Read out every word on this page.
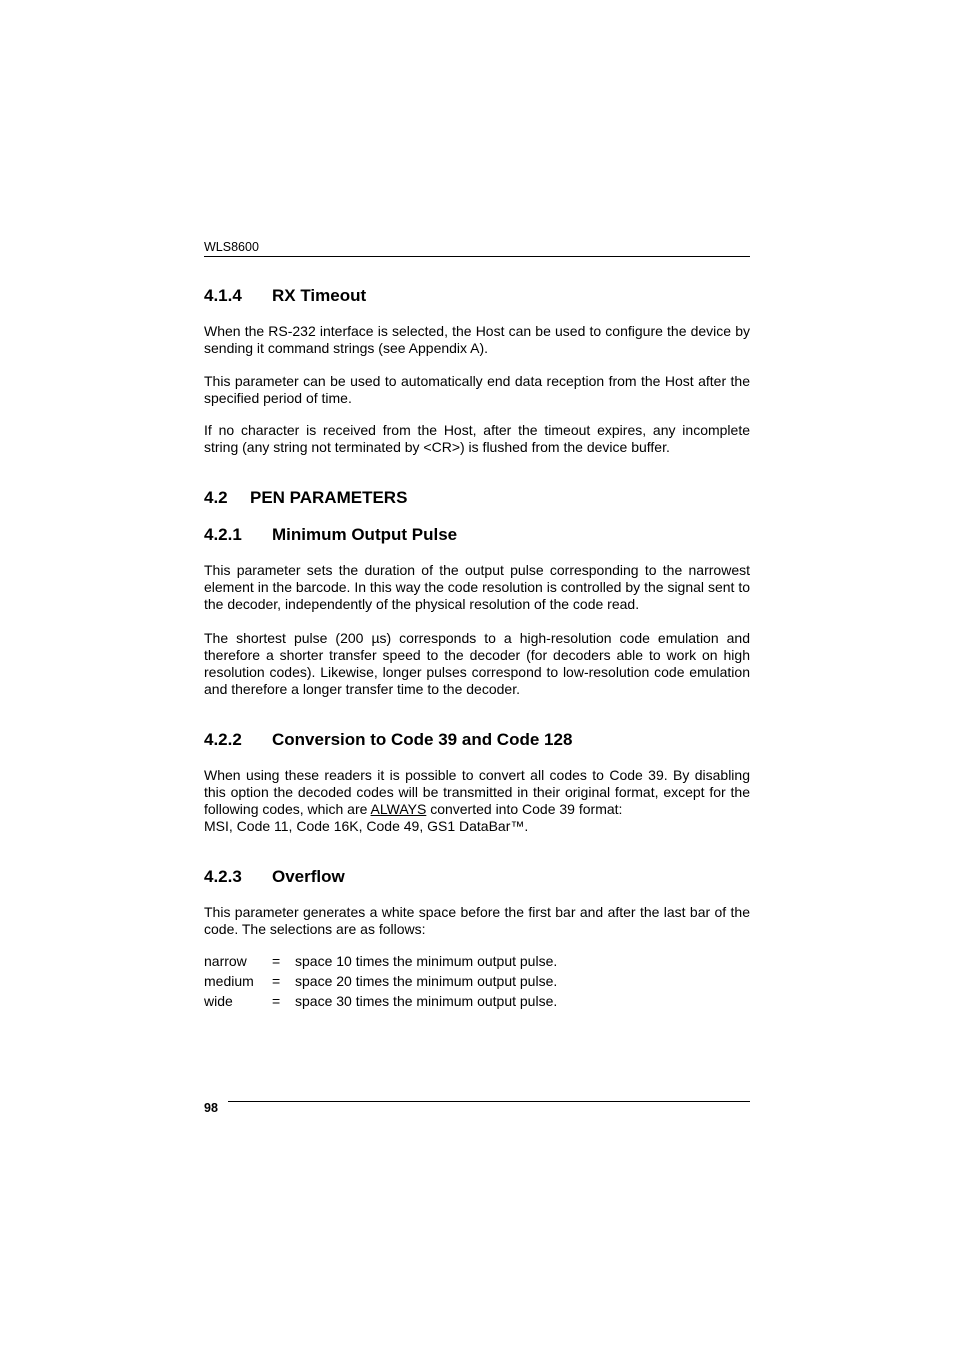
WLS8600
4.1.4 RX Timeout

When the RS-232 interface is selected, the Host can be used to configure the device by sending it command strings (see Appendix A).

This parameter can be used to automatically end data reception from the Host after the specified period of time.

If no character is received from the Host, after the timeout expires, any incomplete string (any string not terminated by <CR>) is flushed from the device buffer.

4.2 PEN PARAMETERS
4.2.1 Minimum Output Pulse

This parameter sets the duration of the output pulse corresponding to the narrowest element in the barcode. In this way the code resolution is controlled by the signal sent to the decoder, independently of the physical resolution of the code read.

The shortest pulse (200 µs) corresponds to a high-resolution code emulation and therefore a shorter transfer speed to the decoder (for decoders able to work on high resolution codes). Likewise, longer pulses correspond to low-resolution code emulation and therefore a longer transfer time to the decoder.

4.2.2 Conversion to Code 39 and Code 128

When using these readers it is possible to convert all codes to Code 39. By disabling this option the decoded codes will be transmitted in their original format, except for the following codes, which are ALWAYS converted into Code 39 format:

MSI, Code 11, Code 16K, Code 49, GS1 DataBar™.

4.2.3 Overflow

This parameter generates a white space before the first bar and after the last bar of the code. The selections are as follows:

narrow = space 10 times the minimum output pulse.
medium = space 20 times the minimum output pulse.
wide	= space 30 times the minimum output pulse.
98
